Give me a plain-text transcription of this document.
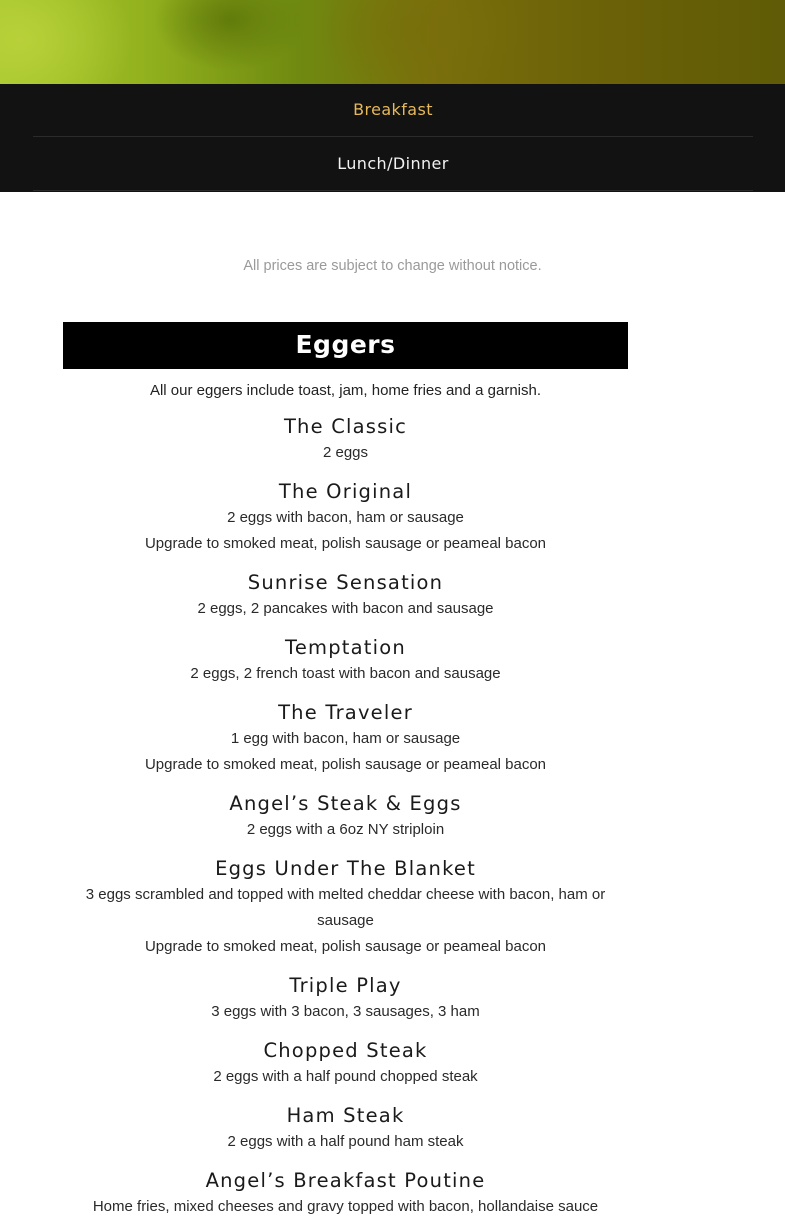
Breakfast
Lunch/Dinner
All prices are subject to change without notice.
Eggers
All our eggers include toast, jam, home fries and a garnish.
The Classic
2 eggs
The Original
2 eggs with bacon, ham or sausage
Upgrade to smoked meat, polish sausage or peameal bacon
Sunrise Sensation
2 eggs, 2 pancakes with bacon and sausage
Temptation
2 eggs, 2 french toast with bacon and sausage
The Traveler
1 egg with bacon, ham or sausage
Upgrade to smoked meat, polish sausage or peameal bacon
Angel’s Steak & Eggs
2 eggs with a 6oz NY striploin
Eggs Under The Blanket
3 eggs scrambled and topped with melted cheddar cheese with bacon, ham or sausage
Upgrade to smoked meat, polish sausage or peameal bacon
Triple Play
3 eggs with 3 bacon, 3 sausages, 3 ham
Chopped Steak
2 eggs with a half pound chopped steak
Ham Steak
2 eggs with a half pound ham steak
Angel’s Breakfast Poutine
Home fries, mixed cheeses and gravy topped with bacon, hollandaise sauce
